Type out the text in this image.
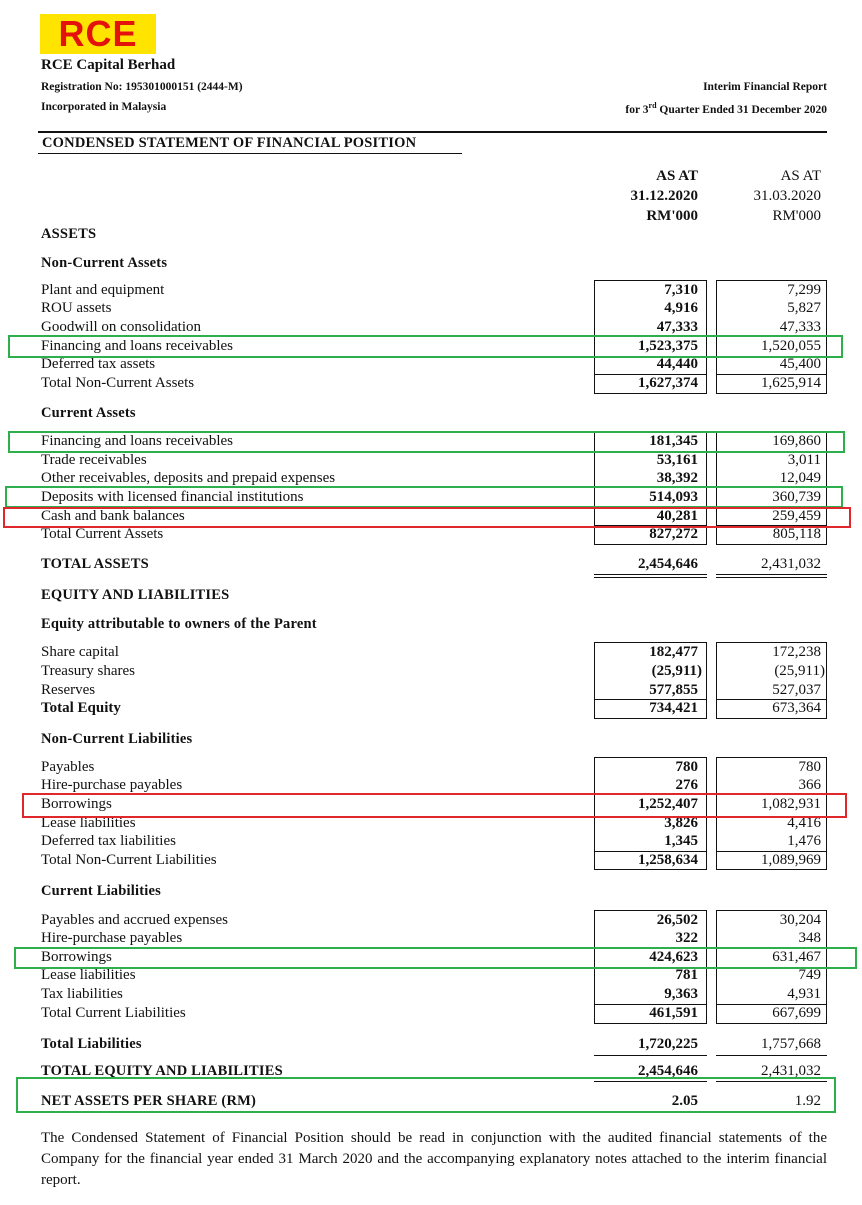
RCE
RCE Capital Berhad
Registration No: 195301000151 (2444-M)
Incorporated in Malaysia
Interim Financial Report
for 3rd Quarter Ended 31 December 2020
CONDENSED STATEMENT OF FINANCIAL POSITION
AS AT
31.12.2020
RM'000
AS AT
31.03.2020
RM'000
ASSETS
Non-Current Assets
Plant and equipment	7,310	7,299
ROU assets	4,916	5,827
Goodwill on consolidation	47,333	47,333
Financing and loans receivables	1,523,375	1,520,055
Deferred tax assets	44,440	45,400
Total Non-Current Assets	1,627,374	1,625,914
Current Assets
Financing and loans receivables	181,345	169,860
Trade receivables	53,161	3,011
Other receivables, deposits and prepaid expenses	38,392	12,049
Deposits with licensed financial institutions	514,093	360,739
Cash and bank balances	40,281	259,459
Total Current Assets	827,272	805,118
TOTAL ASSETS	2,454,646	2,431,032
EQUITY AND LIABILITIES
Equity attributable to owners of the Parent
Share capital	182,477	172,238
Treasury shares	(25,911)	(25,911)
Reserves	577,855	527,037
Total Equity	734,421	673,364
Non-Current Liabilities
Payables	780	780
Hire-purchase payables	276	366
Borrowings	1,252,407	1,082,931
Lease liabilities	3,826	4,416
Deferred tax liabilities	1,345	1,476
Total Non-Current Liabilities	1,258,634	1,089,969
Current Liabilities
Payables and accrued expenses	26,502	30,204
Hire-purchase payables	322	348
Borrowings	424,623	631,467
Lease liabilities	781	749
Tax liabilities	9,363	4,931
Total Current Liabilities	461,591	667,699
Total Liabilities	1,720,225	1,757,668
TOTAL EQUITY AND LIABILITIES	2,454,646	2,431,032
NET ASSETS PER SHARE (RM)	2.05	1.92
The Condensed Statement of Financial Position should be read in conjunction with the audited financial statements of the Company for the financial year ended 31 March 2020 and the accompanying explanatory notes attached to the interim financial report.
